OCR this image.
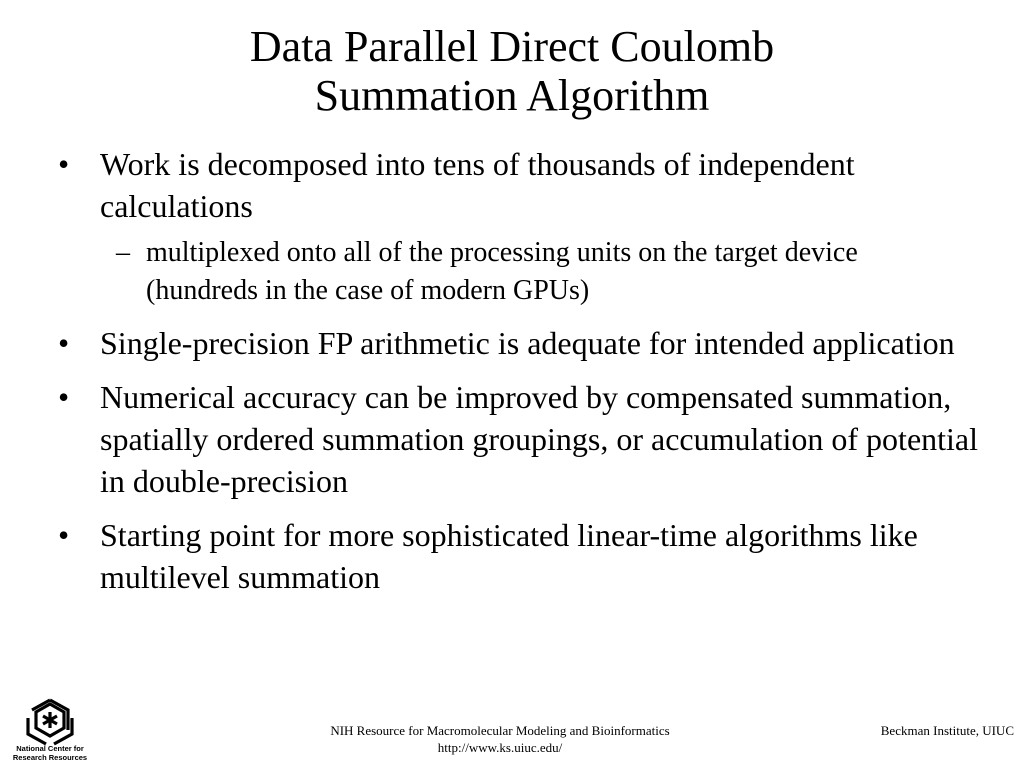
Data Parallel Direct Coulomb
Summation Algorithm
• Work is decomposed into tens of thousands of independent calculations
– multiplexed onto all of the processing units on the target device (hundreds in the case of modern GPUs)
• Single-precision FP arithmetic is adequate for intended application
• Numerical accuracy can be improved by compensated summation, spatially ordered summation groupings, or accumulation of potential in double-precision
• Starting point for more sophisticated linear-time algorithms like multilevel summation
National Center for
Research Resources
NIH Resource for Macromolecular Modeling and Bioinformatics
http://www.ks.uiuc.edu/
Beckman Institute, UIUC
